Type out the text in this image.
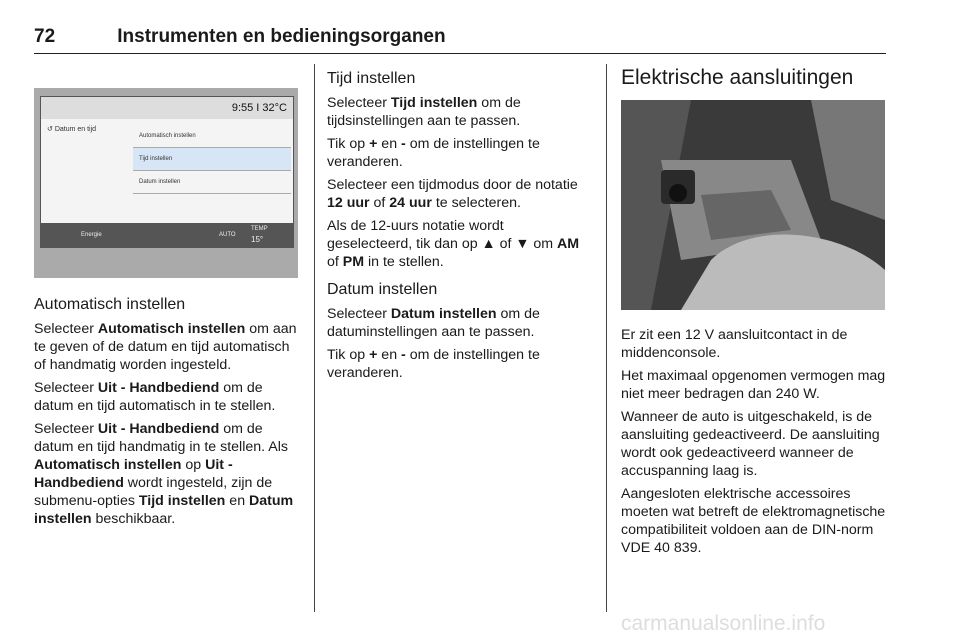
72	Instrumenten en bedieningsorganen
9:55 I 32°C
↺ Datum en tijd
Automatisch instellen
Tijd instellen
Datum instellen
Energie	AUTO
TEMP
15°
Automatisch instellen

Selecteer Automatisch instellen om aan te geven of de datum en tijd automatisch of handmatig worden ingesteld.

Selecteer Uit - Handbediend om de datum en tijd automatisch in te stellen.

Selecteer Uit - Handbediend om de datum en tijd handmatig in te stellen. Als Automatisch instellen op Uit - Handbediend wordt ingesteld, zijn de submenu-opties Tijd instellen en Datum instellen beschikbaar.

Tijd instellen

Selecteer Tijd instellen om de tijdsinstellingen aan te passen.

Tik op + en - om de instellingen te veranderen.

Selecteer een tijdmodus door de notatie 12 uur of 24 uur te selecteren.

Als de 12-uurs notatie wordt geselecteerd, tik dan op ▲ of ▼ om AM of PM in te stellen.

Datum instellen

Selecteer Datum instellen om de datuminstellingen aan te passen.

Tik op + en - om de instellingen te veranderen.

Elektrische aansluitingen

Er zit een 12 V aansluitcontact in de middenconsole.

Het maximaal opgenomen vermogen mag niet meer bedragen dan 240 W.

Wanneer de auto is uitgeschakeld, is de aansluiting gedeactiveerd. De aansluiting wordt ook gedeactiveerd wanneer de accuspanning laag is.

Aangesloten elektrische accessoires moeten wat betreft de elektromagnetische compatibiliteit voldoen aan de DIN-norm VDE 40 839.

carmanualsonline.info
